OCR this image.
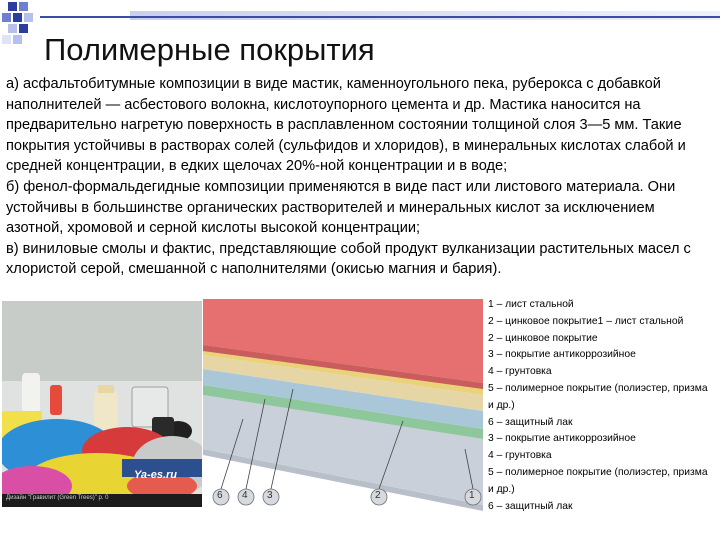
Полимерные покрытия

а) асфальтобитумные композиции в виде мастик, каменноугольного пека, руберокса с добавкой наполнителей — асбестового волокна, кислотоупорного цемента и др. Мастика наносится на предварительно нагретую поверхность в расплавленном состоянии толщиной слоя 3—5 мм. Такие покрытия устойчивы в растворах солей (сульфидов и хлоридов), в минеральных кислотах слабой и средней концентрации, в едких щелочах 20%-ной концентрации и в воде;

б) фенол-формальдегидные композиции применяются в виде паст или листового материала. Они устойчивы в большинстве органических растворителей и минеральных кислот за исключением азотной, хромовой и серной кислоты высокой концентрации;

в) виниловые смолы и фактис, представляющие собой продукт вулканизации растительных масел с хлористой серой, смешанной с наполнителями (окисью магния и бария).

Ya-es.ru
Дизайн "Гравилит (Green Trees)" р. 0	6 4 3	2	1
1 – лист стальной
2 – цинковое покрытие1 – лист стальной
2 – цинковое покрытие
3 – покрытие антикоррозийное
4 – грунтовка
5 – полимерное покрытие (полиэстер, призма и др.)
6 – защитный лак
3 – покрытие антикоррозийное
4 – грунтовка
5 – полимерное покрытие (полиэстер, призма и др.)
6 – защитный лак
